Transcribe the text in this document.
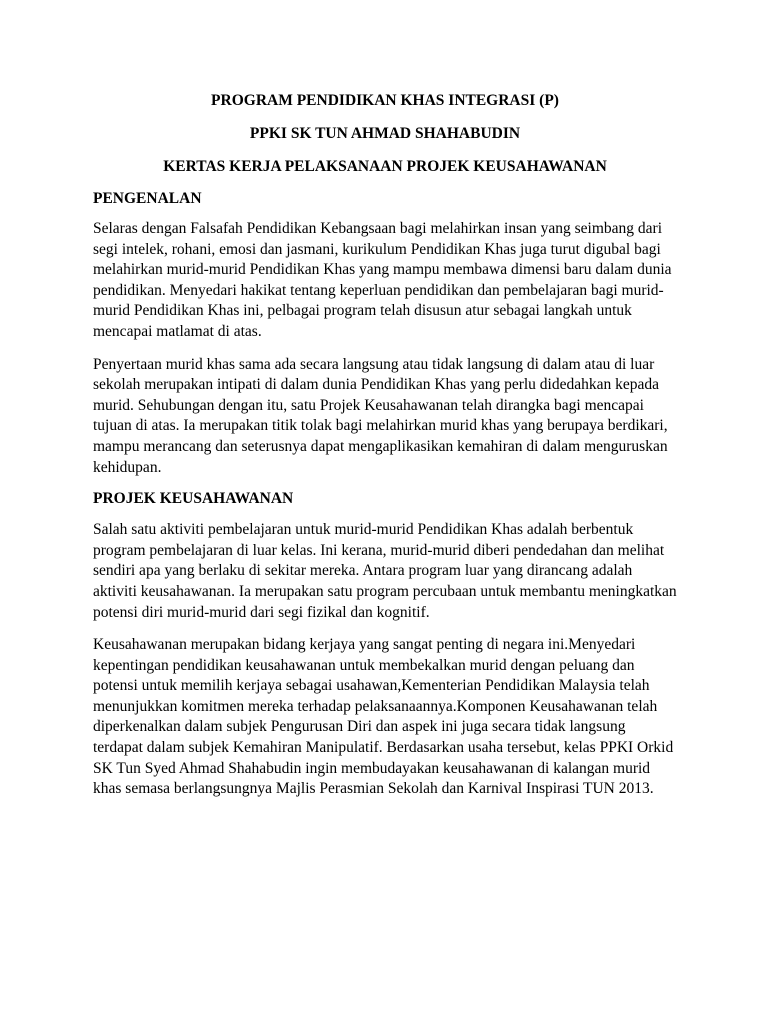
PROGRAM PENDIDIKAN KHAS INTEGRASI (P)

PPKI SK TUN AHMAD SHAHABUDIN

KERTAS KERJA PELAKSANAAN PROJEK KEUSAHAWANAN

PENGENALAN

Selaras dengan Falsafah Pendidikan Kebangsaan bagi melahirkan insan yang seimbang dari segi intelek, rohani, emosi dan jasmani, kurikulum Pendidikan Khas juga turut digubal bagi melahirkan murid-murid Pendidikan Khas yang mampu membawa dimensi baru dalam dunia pendidikan. Menyedari hakikat tentang keperluan pendidikan dan pembelajaran bagi murid-murid Pendidikan Khas ini, pelbagai program telah disusun atur sebagai langkah untuk mencapai matlamat di atas.

Penyertaan murid khas sama ada secara langsung atau tidak langsung di dalam atau di luar sekolah merupakan intipati di dalam dunia Pendidikan Khas yang perlu didedahkan kepada murid. Sehubungan dengan itu, satu Projek Keusahawanan telah dirangka bagi mencapai tujuan di atas. Ia merupakan titik tolak bagi melahirkan murid khas yang berupaya berdikari, mampu merancang dan seterusnya dapat mengaplikasikan kemahiran di dalam menguruskan kehidupan.

PROJEK KEUSAHAWANAN

Salah satu aktiviti pembelajaran untuk murid-murid Pendidikan Khas adalah berbentuk program pembelajaran di luar kelas. Ini kerana, murid-murid diberi pendedahan dan melihat sendiri apa yang berlaku di sekitar mereka. Antara program luar yang dirancang adalah aktiviti keusahawanan. Ia merupakan satu program percubaan untuk membantu meningkatkan potensi diri murid-murid dari segi fizikal dan kognitif.

Keusahawanan merupakan bidang kerjaya yang sangat penting di negara ini.Menyedari kepentingan pendidikan keusahawanan untuk membekalkan murid dengan peluang dan potensi untuk memilih kerjaya sebagai usahawan,Kementerian Pendidikan Malaysia telah menunjukkan komitmen mereka terhadap pelaksanaannya.Komponen Keusahawanan telah diperkenalkan dalam subjek Pengurusan Diri dan aspek ini juga secara tidak langsung terdapat dalam subjek Kemahiran Manipulatif. Berdasarkan usaha tersebut, kelas PPKI Orkid SK Tun Syed Ahmad Shahabudin ingin membudayakan keusahawanan di kalangan murid khas semasa berlangsungnya Majlis Perasmian Sekolah dan Karnival Inspirasi TUN 2013.
